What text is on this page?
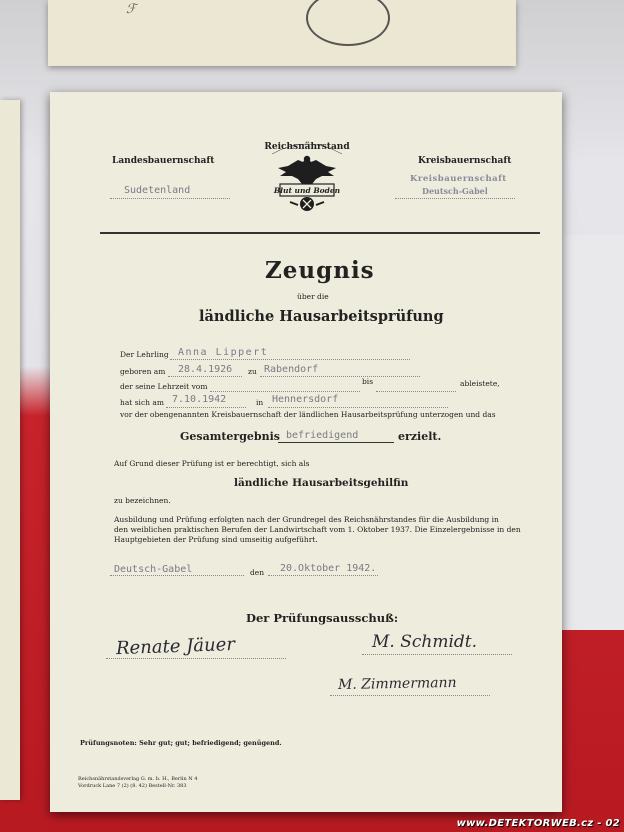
ℱ
Landesbauernschaft
Sudetenland
Kreisbauernschaft
Kreisbauernschaft
Deutsch-Gabel
Reichsnährstand
Blut und Boden
Zeugnis
über die
ländliche Hausarbeitsprüfung
Der Lehrling Anna Lippert
geboren am 28.4.1926 zu Rabendorf
der seine Lehrzeit vom
bis	ableistete,
hat sich am 7.10.1942	in Hennersdorf
vor der obengenannten Kreisbauernschaft der ländlichen Hausarbeitsprüfung unterzogen und das
Gesamtergebnis befriedigend	erzielt.
Auf Grund dieser Prüfung ist er berechtigt, sich als
ländliche Hausarbeitsgehilfin
zu bezeichnen.
Ausbildung und Prüfung erfolgten nach der Grundregel des Reichsnährstandes für die Ausbildung in
den weiblichen praktischen Berufen der Landwirtschaft vom 1. Oktober 1937. Die Einzelergebnisse in den
Hauptgebieten der Prüfung sind umseitig aufgeführt.
Deutsch-Gabel	den 20.Oktober 1942.
Der Prüfungsausschuß:
Renate Jäuer	M. Schmidt.
M. Zimmermann
Prüfungsnoten: Sehr gut; gut; befriedigend; genügend.
Reichsnährstandsverlag G. m. b. H., Berlin N 4
Vordruck Lane 7 (2) (8. 42) Bestell-Nr. 383
www.DETEKTORWEB.cz - 02
